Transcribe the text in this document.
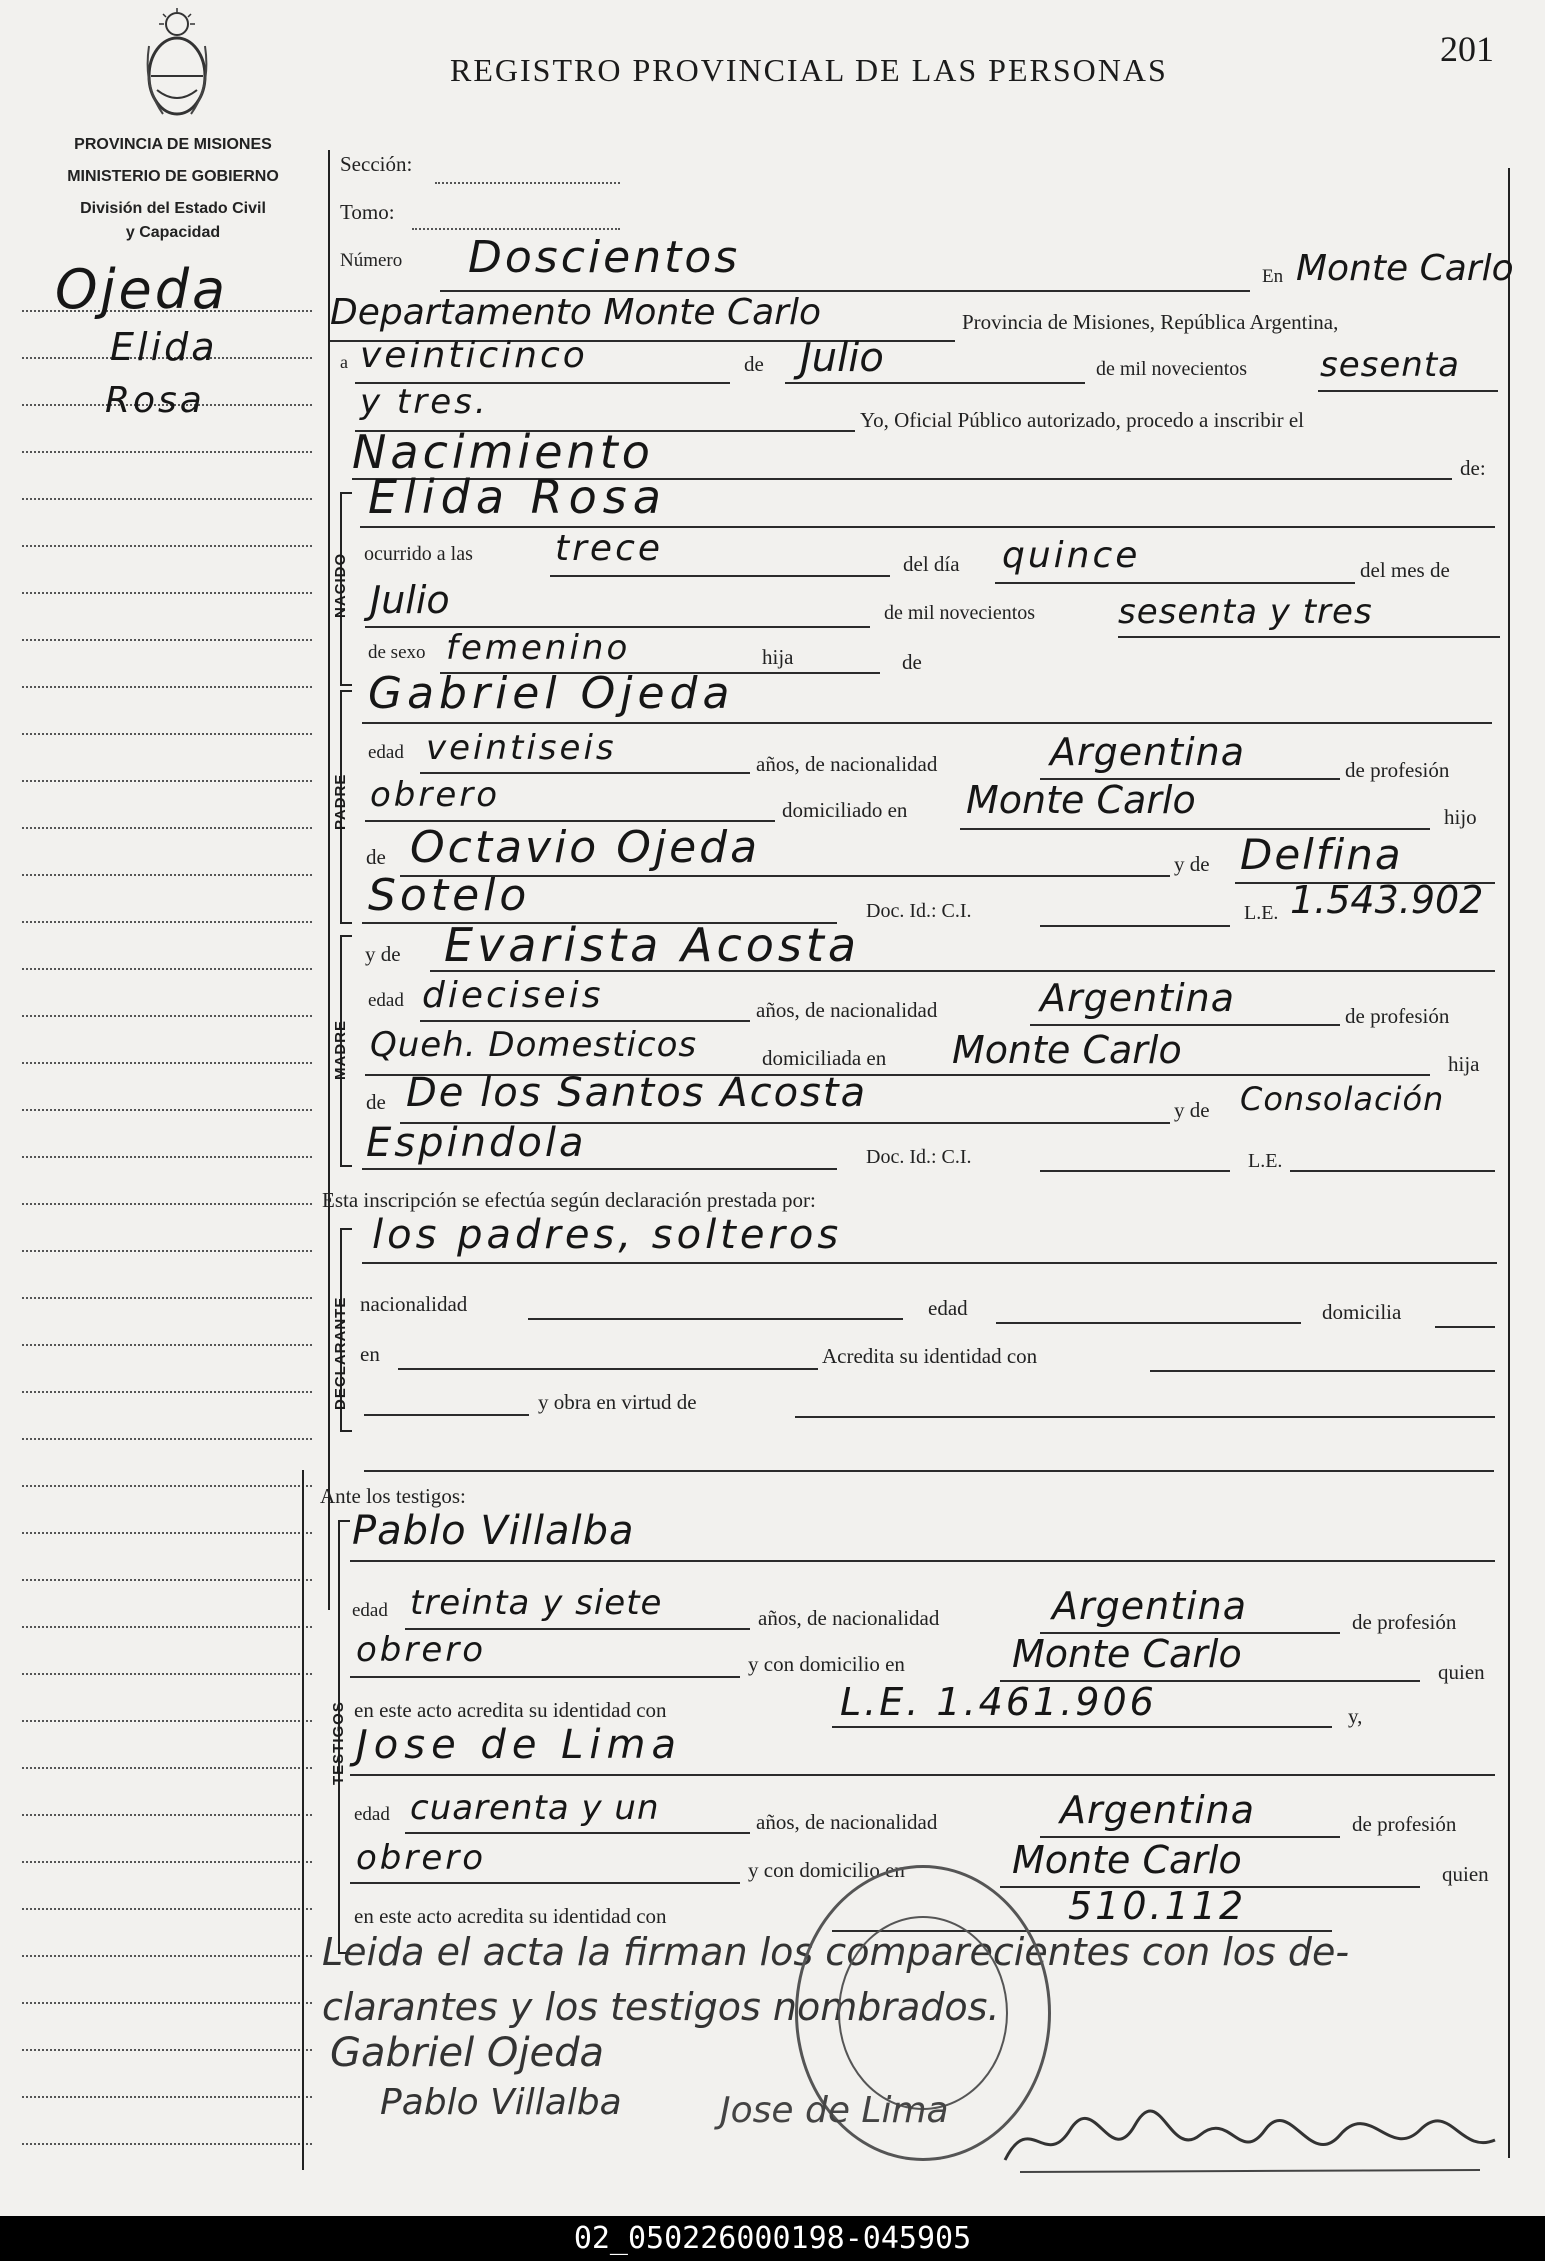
REGISTRO PROVINCIAL DE LAS PERSONAS
201
PROVINCIA DE MISIONES
MINISTERIO DE GOBIERNO
División del Estado Civil
y Capacidad
Ojeda
Elida
Rosa
Sección:
Tomo:
Número Doscientos	En Monte Carlo
Departamento Monte Carlo	Provincia de Misiones, República Argentina,
a veinticinco	de Julio	de mil novecientos sesenta
y tres.	Yo, Oficial Público autorizado, procedo a inscribir el
Nacimiento	de:
NACIDO
Elida Rosa
ocurrido a las trece	del día quince	del mes de
Julio	de mil novecientos sesenta y tres
de sexo femenino	hija	de
PADRE
Gabriel Ojeda
edad veintiseis	años, de nacionalidad	Argentina	de profesión
obrero	domiciliado en Monte Carlo	hijo
de Octavio Ojeda	y de Delfina
Sotelo	Doc. Id.: C.I.	L.E. 1.543.902
MADRE
y de Evarista Acosta
edad dieciseis	años, de nacionalidad	Argentina	de profesión
Queh. Domesticos	domiciliada en Monte Carlo	hija
de De los Santos Acosta	y de Consolación
Espindola	Doc. Id.: C.I.	L.E.
Esta inscripción se efectúa según declaración prestada por:
DECLARANTE
los padres, solteros
nacionalidad	edad	domicilia
en	Acredita su identidad con
y obra en virtud de
Ante los testigos:
TESTIGOS
Pablo Villalba
edad treinta y siete	años, de nacionalidad	Argentina	de profesión
obrero	y con domicilio en	Monte Carlo	quien
en este acto acredita su identidad con	L.E. 1.461.906	y,
Jose de Lima
edad cuarenta y un	años, de nacionalidad	Argentina	de profesión
obrero	y con domicilio en	Monte Carlo	quien
en este acto acredita su identidad con	510.112
Leida el acta la firman los comparecientes con los de-
clarantes y los testigos nombrados.
Gabriel Ojeda
Pablo Villalba	Jose de Lima
02_050226000198-045905
